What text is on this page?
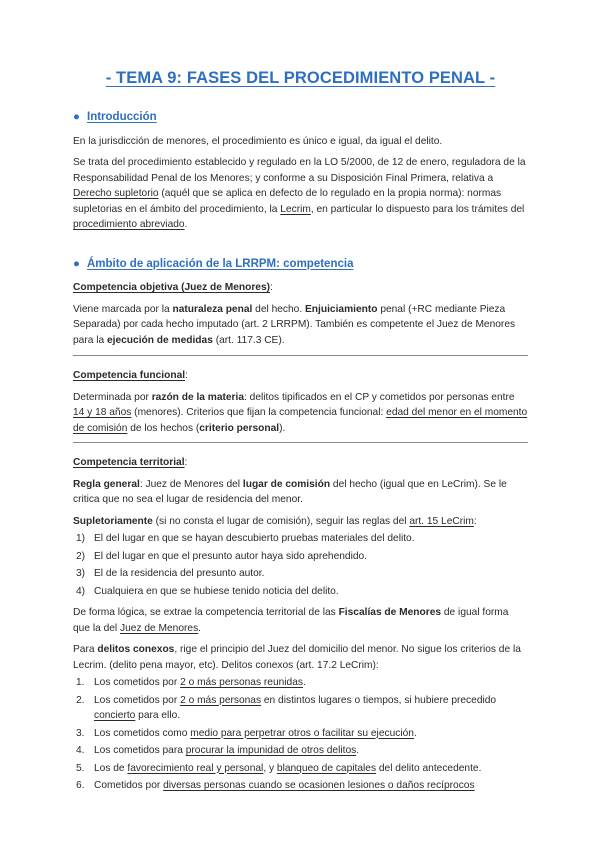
- TEMA 9: FASES DEL PROCEDIMIENTO PENAL -
● Introducción

En la jurisdicción de menores, el procedimiento es único e igual, da igual el delito.

Se trata del procedimiento establecido y regulado en la LO 5/2000, de 12 de enero, reguladora de la Responsabilidad Penal de los Menores; y conforme a su Disposición Final Primera, relativa a Derecho supletorio (aquél que se aplica en defecto de lo regulado en la propia norma): normas supletorias en el ámbito del procedimiento, la Lecrim, en particular lo dispuesto para los trámites del procedimiento abreviado.

● Ámbito de aplicación de la LRRPM: competencia

Competencia objetiva (Juez de Menores):

Viene marcada por la naturaleza penal del hecho. Enjuiciamiento penal (+RC mediante Pieza Separada) por cada hecho imputado (art. 2 LRRPM). También es competente el Juez de Menores para la ejecución de medidas (art. 117.3 CE).

Competencia funcional:

Determinada por razón de la materia: delitos tipificados en el CP y cometidos por personas entre 14 y 18 años (menores). Criterios que fijan la competencia funcional: edad del menor en el momento de comisión de los hechos (criterio personal).

Competencia territorial:

Regla general: Juez de Menores del lugar de comisión del hecho (igual que en LeCrim). Se le critica que no sea el lugar de residencia del menor.

Supletoriamente (si no consta el lugar de comisión), seguir las reglas del art. 15 LeCrim:

1) El del lugar en que se hayan descubierto pruebas materiales del delito.
2) El del lugar en que el presunto autor haya sido aprehendido.
3) El de la residencia del presunto autor.
4) Cualquiera en que se hubiese tenido noticia del delito.

De forma lógica, se extrae la competencia territorial de las Fiscalías de Menores de igual forma que la del Juez de Menores.

Para delitos conexos, rige el principio del Juez del domicilio del menor. No sigue los criterios de la Lecrim. (delito pena mayor, etc). Delitos conexos (art. 17.2 LeCrim):

1. Los cometidos por 2 o más personas reunidas.
2. Los cometidos por 2 o más personas en distintos lugares o tiempos, si hubiere precedido concierto para ello.
3. Los cometidos como medio para perpetrar otros o facilitar su ejecución.
4. Los cometidos para procurar la impunidad de otros delitos.
5. Los de favorecimiento real y personal, y blanqueo de capitales del delito antecedente.
6. Cometidos por diversas personas cuando se ocasionen lesiones o daños recíprocos
